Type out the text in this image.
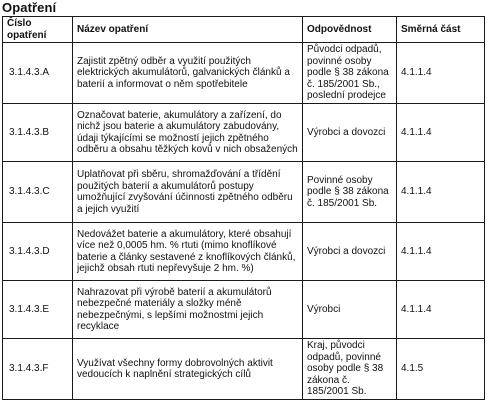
Opatření
Číslo
opatření	Název opatření	Odpovědnost	Směrná část
3.1.4.3.A	Zajistit zpětný odběr a využití použitých elektrických akumulátorů, galvanických článků a baterií a informovat o něm spotřebitele	Původci odpadů, povinné osoby podle § 38 zákona č. 185/2001 Sb., poslední prodejce	4.1.1.4
3.1.4.3.B	Označovat baterie, akumulátory a zařízení, do nichž jsou baterie a akumulátory zabudovány, údaji týkajícími se možností jejich zpětného odběru a obsahu těžkých kovů v nich obsažených	Výrobci a dovozci	4.1.1.4
3.1.4.3.C	Uplatňovat při sběru, shromažďování a třídění použitých baterií a akumulátorů postupy umožňující zvyšování účinnosti zpětného odběru a jejich využití	Povinné osoby podle § 38 zákona č. 185/2001 Sb.	4.1.1.4
3.1.4.3.D	Nedovážet baterie a akumulátory, které obsahují více než 0,0005 hm. % rtuti (mimo knoflíkové baterie a články sestavené z knoflíkových článků, jejichž obsah rtuti nepřevyšuje 2 hm. %)	Výrobci a dovozci	4.1.1.4
3.1.4.3.E	Nahrazovat při výrobě baterií a akumulátorů nebezpečné materiály a složky méně nebezpečnými, s lepšími možnostmi jejich recyklace	Výrobci	4.1.1.4
3.1.4.3.F	Využívat všechny formy dobrovolných aktivit vedoucích k naplnění strategických cílů	Kraj, původci odpadů, povinné osoby podle § 38 zákona č. 185/2001 Sb.	4.1.5
